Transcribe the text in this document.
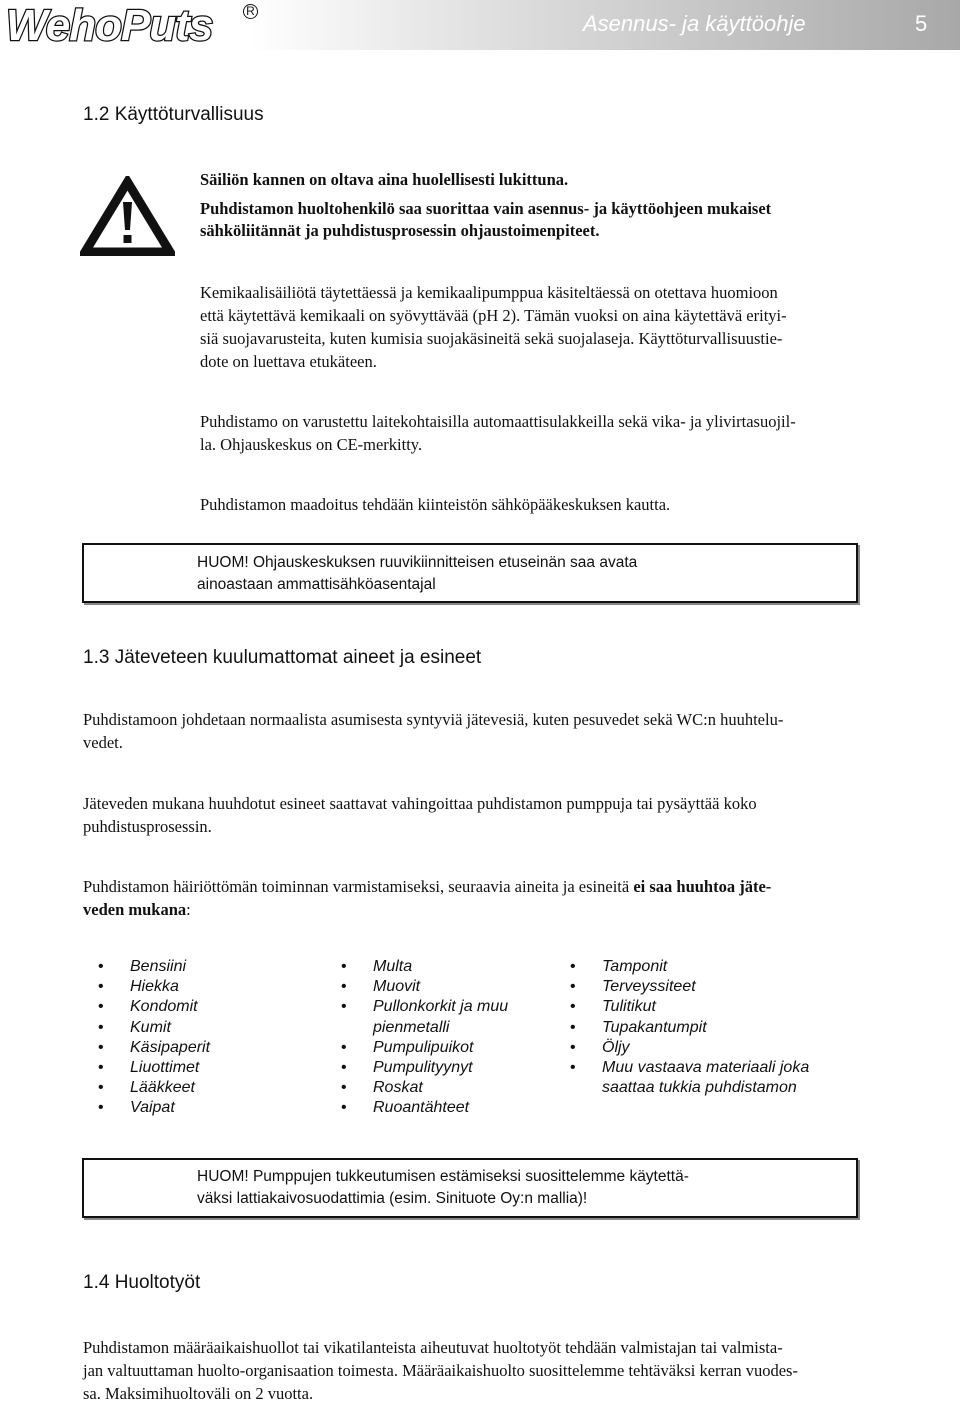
WehoPuts	R	Asennus- ja käyttöohje	5
1.2 Käyttöturvallisuus
Säiliön kannen on oltava aina huolellisesti lukittuna.
Puhdistamon huoltohenkilö saa suorittaa vain asennus- ja käyttöohjeen mukaiset
sähköliitännät ja puhdistusprosessin ohjaustoimenpiteet.
Kemikaalisäiliötä täytettäessä ja kemikaalipumppua käsiteltäessä on otettava huomioon
että käytettävä kemikaali on syövyttävää (pH 2). Tämän vuoksi on aina käytettävä erityi-
siä suojavarusteita, kuten kumisia suojakäsineitä sekä suojalaseja. Käyttöturvallisuustie-
dote on luettava etukäteen.
Puhdistamo on varustettu laitekohtaisilla automaattisulakkeilla sekä vika- ja ylivirtasuojil-
la. Ohjauskeskus on CE-merkitty.
Puhdistamon maadoitus tehdään kiinteistön sähköpääkeskuksen kautta.
HUOM! Ohjauskeskuksen ruuvikiinnitteisen etuseinän saa avata
ainoastaan ammattisähköasentajal
1.3 Jäteveteen kuulumattomat aineet ja esineet
Puhdistamoon johdetaan normaalista asumisesta syntyviä jätevesiä, kuten pesuvedet sekä WC:n huuhtelu-
vedet.
Jäteveden mukana huuhdotut esineet saattavat vahingoittaa puhdistamon pumppuja tai pysäyttää koko
puhdistusprosessin.
Puhdistamon häiriöttömän toiminnan varmistamiseksi, seuraavia aineita ja esineitä ei saa huuhtoa jäte-
veden mukana:
• Bensiini
• Hiekka
• Kondomit
• Kumit
• Käsipaperit
• Liuottimet
• Lääkkeet
• Vaipat
• Multa
• Muovit
• Pullonkorkit ja muu
pienmetalli
• Pumpulipuikot
• Pumpulityynyt
• Roskat
• Ruoantähteet
• Tamponit
• Terveyssiteet
• Tulitikut
• Tupakantumpit
• Öljy
• Muu vastaava materiaali joka
saattaa tukkia puhdistamon
HUOM! Pumppujen tukkeutumisen estämiseksi suosittelemme käytettä-
väksi lattiakaivosuodattimia (esim. Sinituote Oy:n mallia)!
1.4 Huoltotyöt
Puhdistamon määräaikaishuollot tai vikatilanteista aiheutuvat huoltotyöt tehdään valmistajan tai valmista-
jan valtuuttaman huolto-organisaation toimesta. Määräaikaishuolto suosittelemme tehtäväksi kerran vuodes-
sa. Maksimihuoltoväli on 2 vuotta.
